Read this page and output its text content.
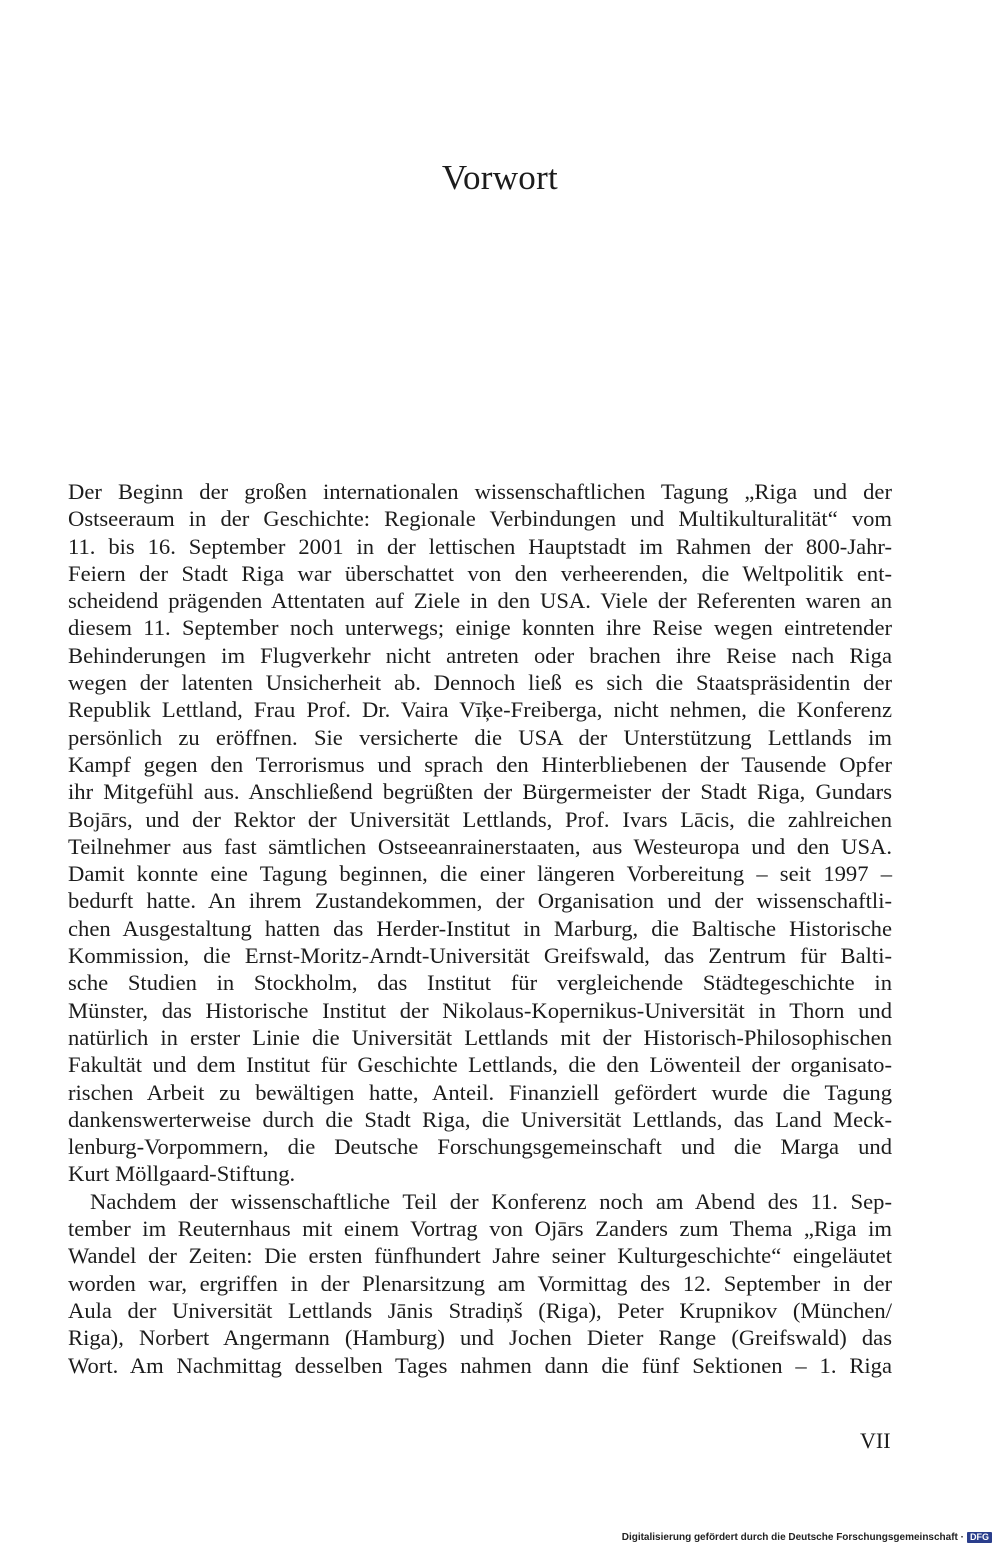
Vorwort
Der Beginn der großen internationalen wissenschaftlichen Tagung „Riga und der
Ostseeraum in der Geschichte: Regionale Verbindungen und Multikulturalität“ vom
11. bis 16. September 2001 in der lettischen Hauptstadt im Rahmen der 800-Jahr-
Feiern der Stadt Riga war überschattet von den verheerenden, die Weltpolitik ent-
scheidend prägenden Attentaten auf Ziele in den USA. Viele der Referenten waren an
diesem 11. September noch unterwegs; einige konnten ihre Reise wegen eintretender
Behinderungen im Flugverkehr nicht antreten oder brachen ihre Reise nach Riga
wegen der latenten Unsicherheit ab. Dennoch ließ es sich die Staatspräsidentin der
Republik Lettland, Frau Prof. Dr. Vaira Vīķe-Freiberga, nicht nehmen, die Konferenz
persönlich zu eröffnen. Sie versicherte die USA der Unterstützung Lettlands im
Kampf gegen den Terrorismus und sprach den Hinterbliebenen der Tausende Opfer
ihr Mitgefühl aus. Anschließend begrüßten der Bürgermeister der Stadt Riga, Gundars
Bojārs, und der Rektor der Universität Lettlands, Prof. Ivars Lācis, die zahlreichen
Teilnehmer aus fast sämtlichen Ostseeanrainerstaaten, aus Westeuropa und den USA.
Damit konnte eine Tagung beginnen, die einer längeren Vorbereitung – seit 1997 –
bedurft hatte. An ihrem Zustandekommen, der Organisation und der wissenschaftli-
chen Ausgestaltung hatten das Herder-Institut in Marburg, die Baltische Historische
Kommission, die Ernst-Moritz-Arndt-Universität Greifswald, das Zentrum für Balti-
sche Studien in Stockholm, das Institut für vergleichende Städtegeschichte in
Münster, das Historische Institut der Nikolaus-Kopernikus-Universität in Thorn und
natürlich in erster Linie die Universität Lettlands mit der Historisch-Philosophischen
Fakultät und dem Institut für Geschichte Lettlands, die den Löwenteil der organisato-
rischen Arbeit zu bewältigen hatte, Anteil. Finanziell gefördert wurde die Tagung
dankenswerterweise durch die Stadt Riga, die Universität Lettlands, das Land Meck-
lenburg-Vorpommern, die Deutsche Forschungsgemeinschaft und die Marga und
Kurt Möllgaard-Stiftung.
Nachdem der wissenschaftliche Teil der Konferenz noch am Abend des 11. Sep-
tember im Reuternhaus mit einem Vortrag von Ojārs Zanders zum Thema „Riga im
Wandel der Zeiten: Die ersten fünfhundert Jahre seiner Kulturgeschichte“ eingeläutet
worden war, ergriffen in der Plenarsitzung am Vormittag des 12. September in der
Aula der Universität Lettlands Jānis Stradiņš (Riga), Peter Krupnikov (München/
Riga), Norbert Angermann (Hamburg) und Jochen Dieter Range (Greifswald) das
Wort. Am Nachmittag desselben Tages nahmen dann die fünf Sektionen – 1. Riga

VII

Digitalisierung gefördert durch die Deutsche Forschungsgemeinschaft · DFG
